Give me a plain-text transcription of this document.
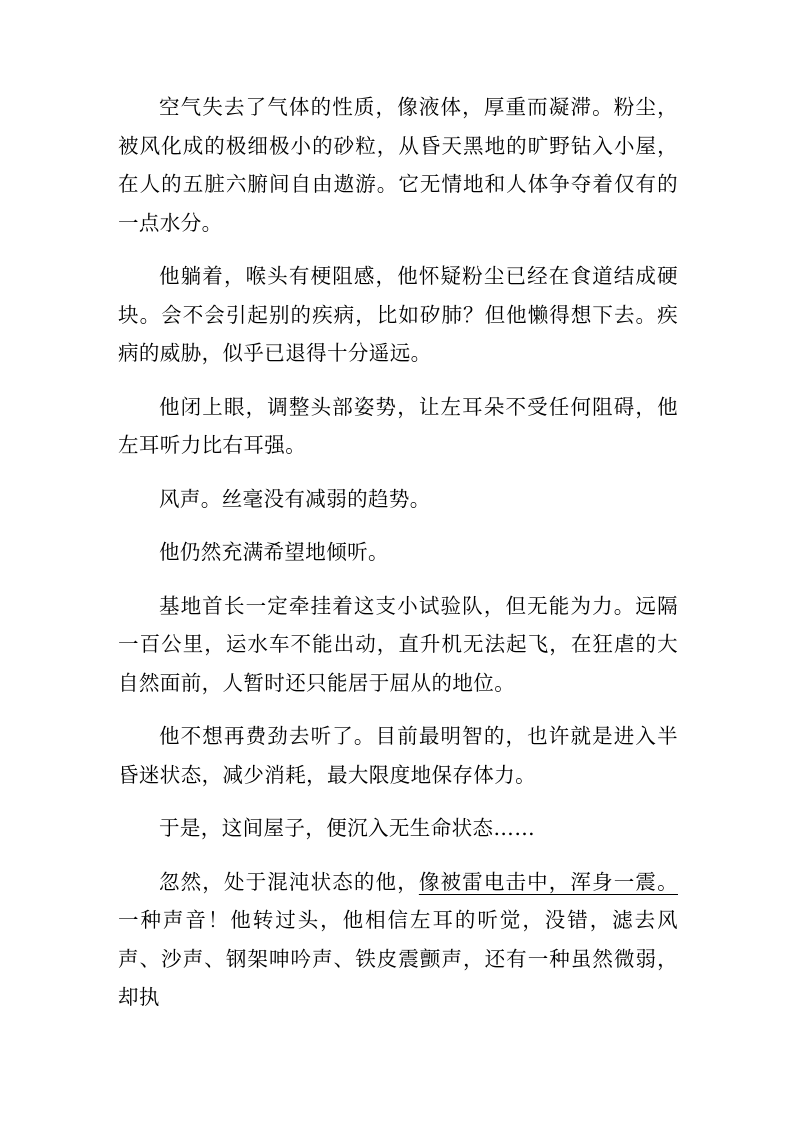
空气失去了气体的性质，像液体，厚重而凝滞。粉尘，被风化成的极细极小的砂粒，从昏天黑地的旷野钻入小屋，在人的五脏六腑间自由遨游。它无情地和人体争夺着仅有的一点水分。

他躺着，喉头有梗阻感，他怀疑粉尘已经在食道结成硬块。会不会引起别的疾病，比如矽肺？但他懒得想下去。疾病的威胁，似乎已退得十分遥远。

他闭上眼，调整头部姿势，让左耳朵不受任何阻碍，他左耳听力比右耳强。

风声。丝毫没有减弱的趋势。

他仍然充满希望地倾听。

基地首长一定牵挂着这支小试验队，但无能为力。远隔一百公里，运水车不能出动，直升机无法起飞，在狂虐的大自然面前，人暂时还只能居于屈从的地位。

他不想再费劲去听了。目前最明智的，也许就是进入半昏迷状态，减少消耗，最大限度地保存体力。

于是，这间屋子，便沉入无生命状态……

忽然，处于混沌状态的他，像被雷电击中，浑身一震。一种声音！他转过头，他相信左耳的听觉，没错，滤去风声、沙声、钢架呻吟声、铁皮震颤声，还有一种虽然微弱，却执
